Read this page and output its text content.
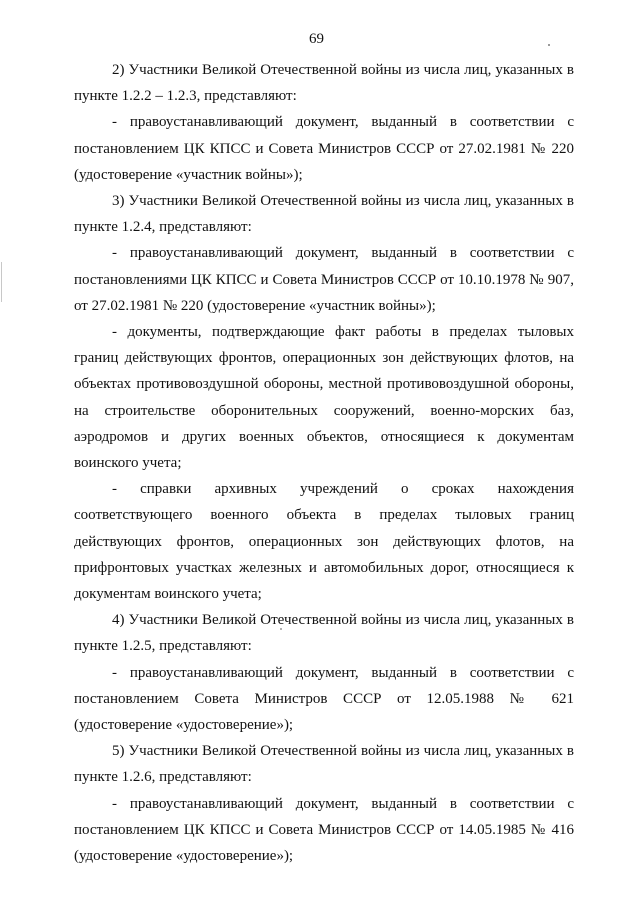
69

2) Участники Великой Отечественной войны из числа лиц, указанных в пункте 1.2.2 – 1.2.3, представляют:

- правоустанавливающий документ, выданный в соответствии с постановлением ЦК КПСС и Совета Министров СССР от 27.02.1981 № 220 (удостоверение «участник войны»);

3) Участники Великой Отечественной войны из числа лиц, указанных в пункте 1.2.4, представляют:

- правоустанавливающий документ, выданный в соответствии с постановлениями ЦК КПСС и Совета Министров СССР от 10.10.1978 № 907, от 27.02.1981 № 220 (удостоверение «участник войны»);

- документы, подтверждающие факт работы в пределах тыловых границ действующих фронтов, операционных зон действующих флотов, на объектах противовоздушной обороны, местной противовоздушной обороны, на строительстве оборонительных сооружений, военно-морских баз, аэродромов и других военных объектов, относящиеся к документам воинского учета;

- справки архивных учреждений о сроках нахождения соответствующего военного объекта в пределах тыловых границ действующих фронтов, операционных зон действующих флотов, на прифронтовых участках железных и автомобильных дорог, относящиеся к документам воинского учета;

4) Участники Великой Отечественной войны из числа лиц, указанных в пункте 1.2.5, представляют:

- правоустанавливающий документ, выданный в соответствии с постановлением Совета Министров СССР от 12.05.1988 № 621 (удостоверение «удостоверение»);

5) Участники Великой Отечественной войны из числа лиц, указанных в пункте 1.2.6, представляют:

- правоустанавливающий документ, выданный в соответствии с постановлением ЦК КПСС и Совета Министров СССР от 14.05.1985 № 416 (удостоверение «удостоверение»);
